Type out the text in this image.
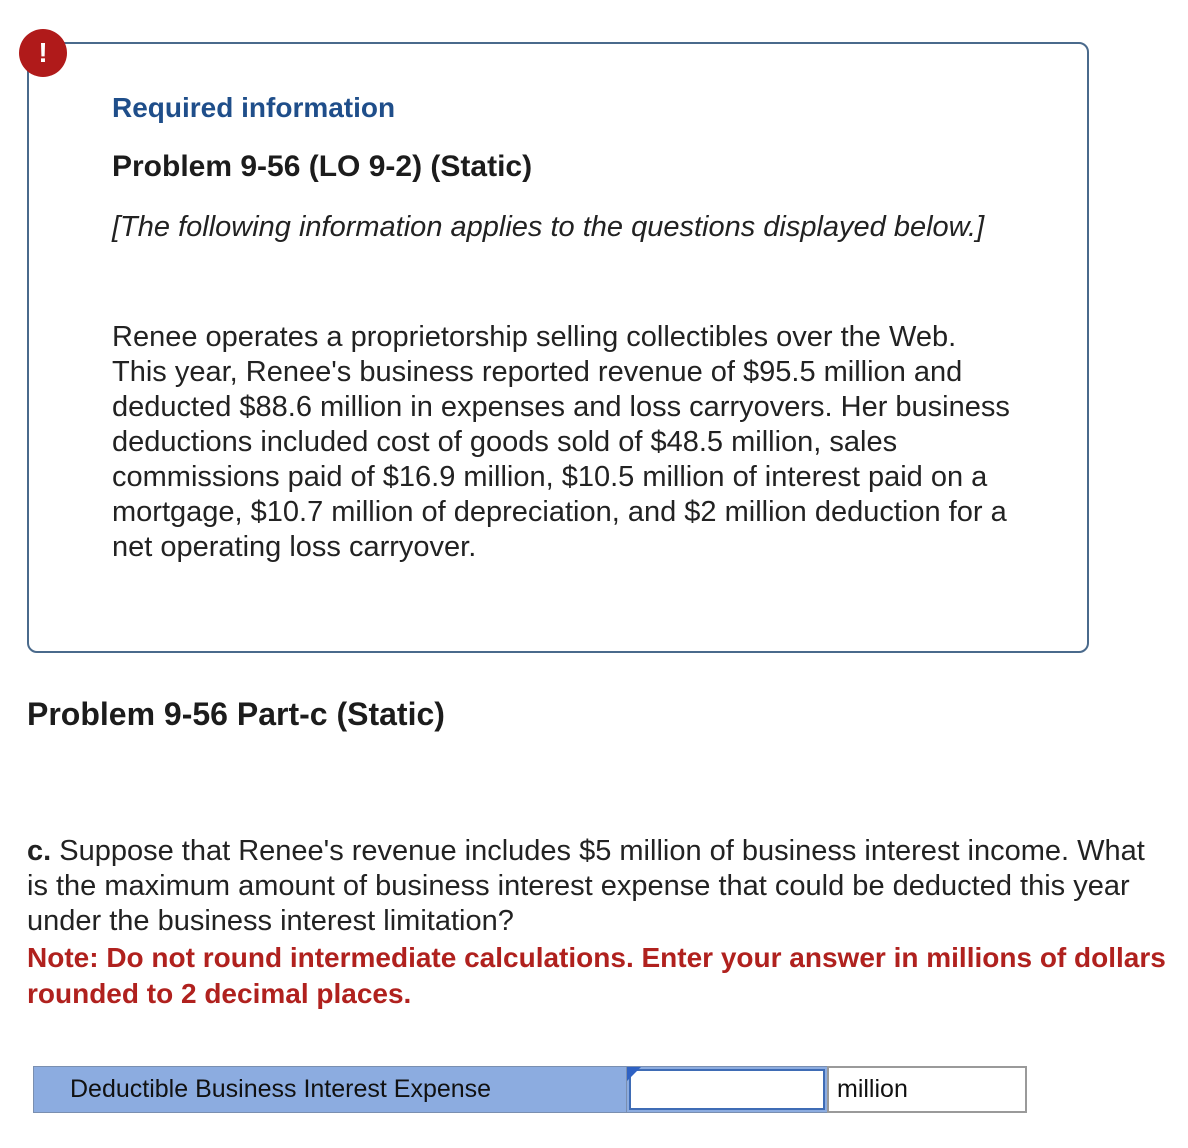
!
Required information
Problem 9-56 (LO 9-2) (Static)

[The following information applies to the questions displayed below.]

Renee operates a proprietorship selling collectibles over the Web. This year, Renee's business reported revenue of $95.5 million and deducted $88.6 million in expenses and loss carryovers. Her business deductions included cost of goods sold of $48.5 million, sales commissions paid of $16.9 million, $10.5 million of interest paid on a mortgage, $10.7 million of depreciation, and $2 million deduction for a net operating loss carryover.

Problem 9-56 Part-c (Static)

c. Suppose that Renee's revenue includes $5 million of business interest income. What is the maximum amount of business interest expense that could be deducted this year under the business interest limitation?

Note: Do not round intermediate calculations. Enter your answer in millions of dollars rounded to 2 decimal places.

Deductible Business Interest Expense	million
